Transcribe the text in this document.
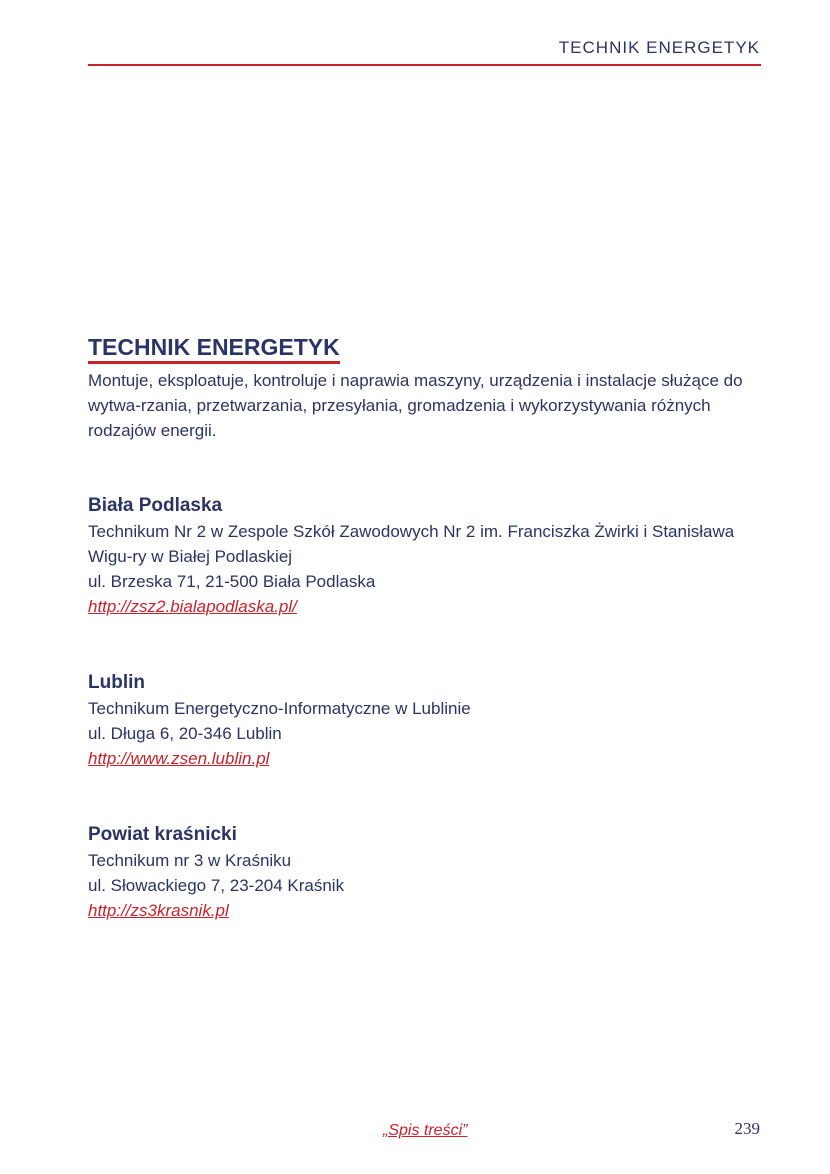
TECHNIK ENERGETYK
TECHNIK ENERGETYK

Montuje, eksploatuje, kontroluje i naprawia maszyny, urządzenia i instalacje służące do wytwa-rzania, przetwarzania, przesyłania, gromadzenia i wykorzystywania różnych rodzajów energii.

Biała Podlaska

Technikum Nr 2 w Zespole Szkół Zawodowych Nr 2 im. Franciszka Żwirki i Stanisława Wigu-ry w Białej Podlaskiej

ul. Brzeska 71, 21-500 Biała Podlaska

http://zsz2.bialapodlaska.pl/
Lublin

Technikum Energetyczno-Informatyczne w Lublinie

ul. Długa 6, 20-346 Lublin

http://www.zsen.lublin.pl
Powiat kraśnicki

Technikum nr 3 w Kraśniku

ul. Słowackiego 7, 23-204 Kraśnik

http://zs3krasnik.pl
„Spis treści”	239
